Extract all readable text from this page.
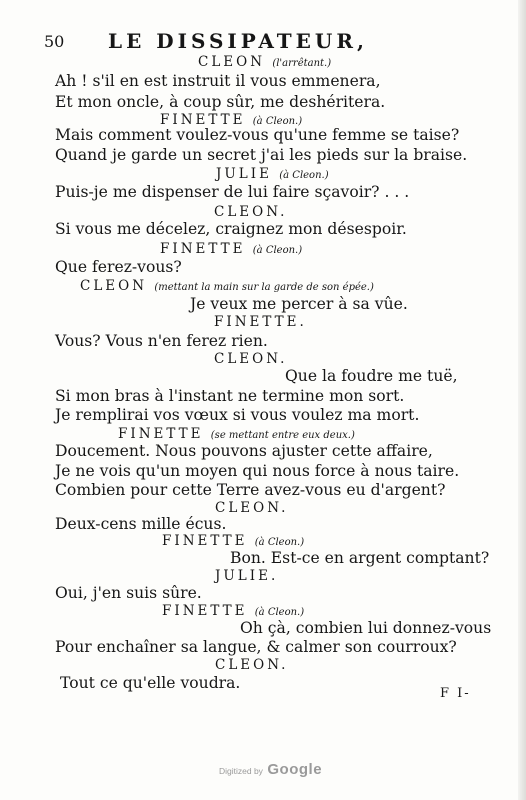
50 LE DISSIPATEUR,
CLEON (l'arrêtant.)
Ah ! s'il en est instruit il vous emmenera,
Et mon oncle, à coup sûr, me deshéritera.
FINETTE (à Cleon.)
Mais comment voulez-vous qu'une femme se taise?
Quand je garde un secret j'ai les pieds sur la braise.
JULIE (à Cleon.)
Puis-je me dispenser de lui faire sçavoir? . . .
CLEON.
Si vous me décelez, craignez mon désespoir.
FINETTE (à Cleon.)
Que ferez-vous?
CLEON (mettant la main sur la garde de son épée.)
Je veux me percer à sa vûe.
FINETTE.
Vous? Vous n'en ferez rien.
CLEON.
Que la foudre me tuë,
Si mon bras à l'instant ne termine mon sort.
Je remplirai vos vœux si vous voulez ma mort.
FINETTE (se mettant entre eux deux.)
Doucement. Nous pouvons ajuster cette affaire,
Je ne vois qu'un moyen qui nous force à nous taire.
Combien pour cette Terre avez-vous eu d'argent?
CLEON.
Deux-cens mille écus.
FINETTE (à Cleon.)
Bon. Est-ce en argent comptant?
JULIE.
Oui, j'en suis sûre.
FINETTE (à Cleon.)
Oh çà, combien lui donnez-vous
Pour enchaîner sa langue, & calmer son courroux?
CLEON.
Tout ce qu'elle voudra.
F I-
Digitized by Google
